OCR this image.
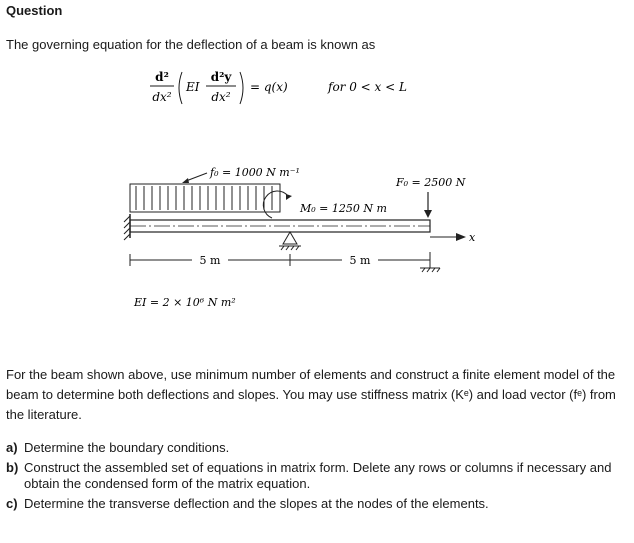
Question
The governing equation for the deflection of a beam is known as
d²
dx²
EI
d²y
dx²
= q(x)	for 0 < x < L
f₀ = 1000 N m⁻¹
M₀ = 1250 N m
F₀ = 2500 N
x
5 m	5 m
EI = 2 × 10⁶ N m²
For the beam shown above, use minimum number of elements and construct a finite element model of the beam to determine both deflections and slopes. You may use stiffness matrix (Kᵉ) and load vector (fᵉ) from the literature.
a) Determine the boundary conditions.
b) Construct the assembled set of equations in matrix form. Delete any rows or columns if necessary and obtain the condensed form of the matrix equation.
c) Determine the transverse deflection and the slopes at the nodes of the elements.
